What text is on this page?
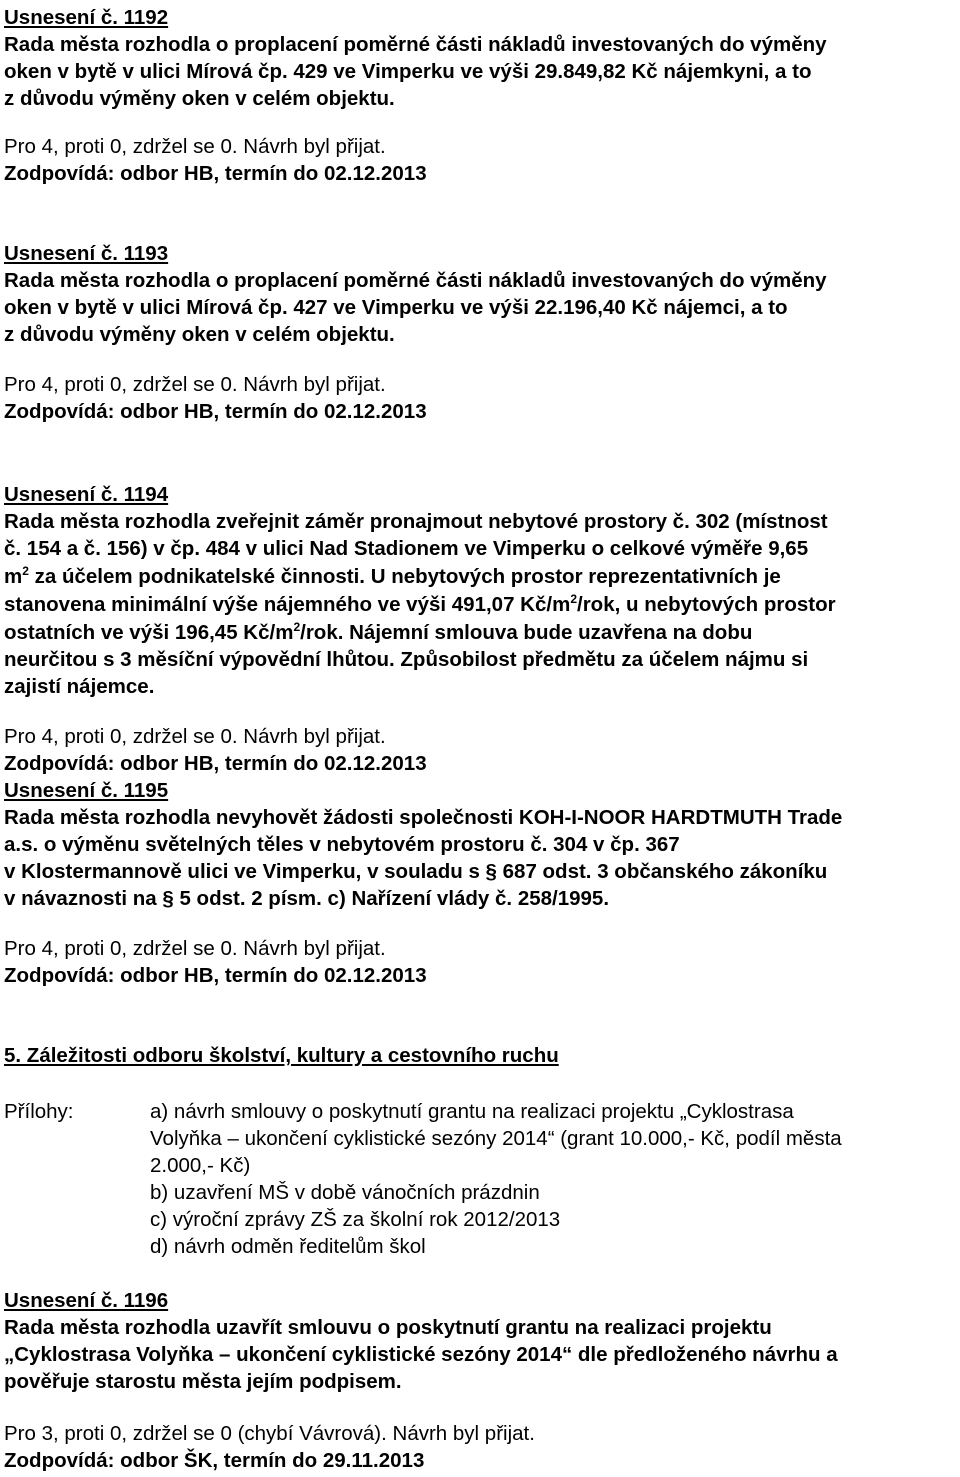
Usnesení č. 1192
Rada města rozhodla o proplacení poměrné části nákladů investovaných do výměny
oken v bytě v ulici Mírová čp. 429 ve Vimperku ve výši 29.849,82 Kč nájemkyni, a to
z důvodu výměny oken v celém objektu.
Pro 4, proti 0, zdržel se 0. Návrh byl přijat.
Zodpovídá: odbor HB, termín do 02.12.2013
Usnesení č. 1193
Rada města rozhodla o proplacení poměrné části nákladů investovaných do výměny
oken v bytě v ulici Mírová čp. 427 ve Vimperku ve výši 22.196,40 Kč nájemci, a to
z důvodu výměny oken v celém objektu.
Pro 4, proti 0, zdržel se 0. Návrh byl přijat.
Zodpovídá: odbor HB, termín do 02.12.2013
Usnesení č. 1194
Rada města rozhodla zveřejnit záměr pronajmout nebytové prostory č. 302 (místnost
č. 154 a č. 156) v čp. 484 v ulici Nad Stadionem ve Vimperku o celkové výměře 9,65
$m^2$ za účelem podnikatelské činnosti. U nebytových prostor reprezentativních je
stanovena minimální výše nájemného ve výši 491,07 $Kč/m^2$/rok, u nebytových prostor
ostatních ve výši 196,45 $Kč/m^2$/rok. Nájemní smlouva bude uzavřena na dobu
neurčitou s 3 měsíční výpovědní lhůtou. Způsobilost předmětu za účelem nájmu si
zajistí nájemce.
Pro 4, proti 0, zdržel se 0. Návrh byl přijat.
Zodpovídá: odbor HB, termín do 02.12.2013
Usnesení č. 1195
Rada města rozhodla nevyhovět žádosti společnosti KOH-I-NOOR HARDTMUTH Trade
a.s. o výměnu světelných těles v nebytovém prostoru č. 304 v čp. 367
v Klostermannově ulici ve Vimperku, v souladu s § 687 odst. 3 občanského zákoníku
v návaznosti na § 5 odst. 2 písm. c) Nařízení vlády č. 258/1995.
Pro 4, proti 0, zdržel se 0. Návrh byl přijat.
Zodpovídá: odbor HB, termín do 02.12.2013
5. Záležitosti odboru školství, kultury a cestovního ruchu
Přílohy:	a) návrh smlouvy o poskytnutí grantu na realizaci projektu „Cyklostrasa
Volyňka – ukončení cyklistické sezóny 2014“ (grant 10.000,- Kč, podíl města
2.000,- Kč)
b) uzavření MŠ v době vánočních prázdnin
c) výroční zprávy ZŠ za školní rok 2012/2013
d) návrh odměn ředitelům škol
Usnesení č. 1196
Rada města rozhodla uzavřít smlouvu o poskytnutí grantu na realizaci projektu
„Cyklostrasa Volyňka – ukončení cyklistické sezóny 2014“ dle předloženého návrhu a
pověřuje starostu města jejím podpisem.
Pro 3, proti 0, zdržel se 0 (chybí Vávrová). Návrh byl přijat.
Zodpovídá: odbor ŠK, termín do 29.11.2013
